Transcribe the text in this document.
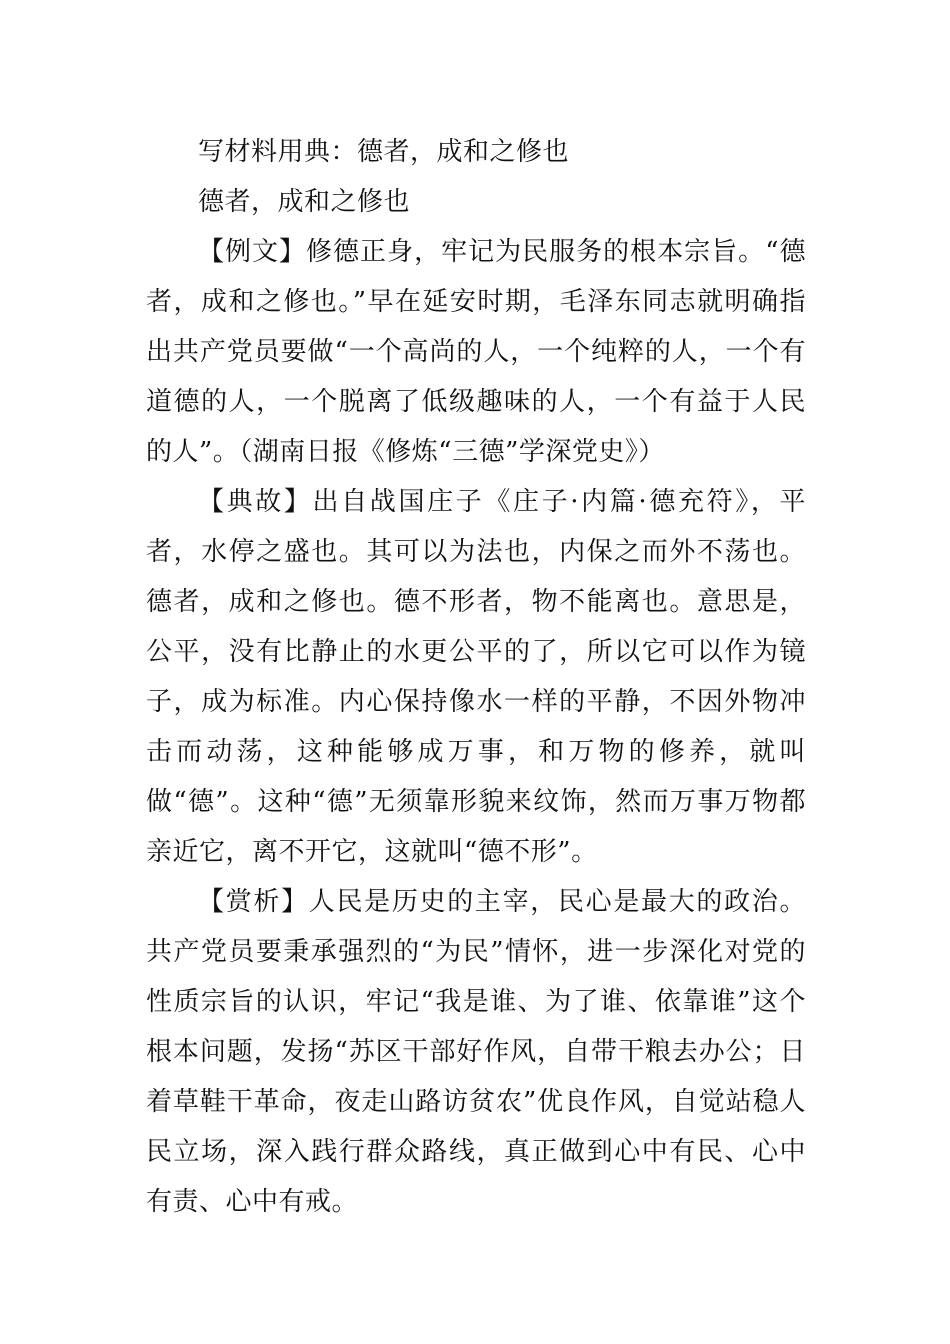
写材料用典：德者，成和之修也

德者，成和之修也

【例文】修德正身，牢记为民服务的根本宗旨。“德者，成和之修也。”早在延安时期，毛泽东同志就明确指出共产党员要做“一个高尚的人，一个纯粹的人，一个有道德的人，一个脱离了低级趣味的人，一个有益于人民的人”。（湖南日报《修炼“三德”学深党史》）

【典故】出自战国庄子《庄子·内篇·德充符》，平者，水停之盛也。其可以为法也，内保之而外不荡也。德者，成和之修也。德不形者，物不能离也。意思是，公平，没有比静止的水更公平的了，所以它可以作为镜子，成为标准。内心保持像水一样的平静，不因外物冲击而动荡，这种能够成万事，和万物的修养，就叫做“德”。这种“德”无须靠形貌来纹饰，然而万事万物都亲近它，离不开它，这就叫“德不形”。

【赏析】人民是历史的主宰，民心是最大的政治。共产党员要秉承强烈的“为民”情怀，进一步深化对党的性质宗旨的认识，牢记“我是谁、为了谁、依靠谁”这个根本问题，发扬“苏区干部好作风，自带干粮去办公；日着草鞋干革命，夜走山路访贫农”优良作风，自觉站稳人民立场，深入践行群众路线，真正做到心中有民、心中有责、心中有戒。
